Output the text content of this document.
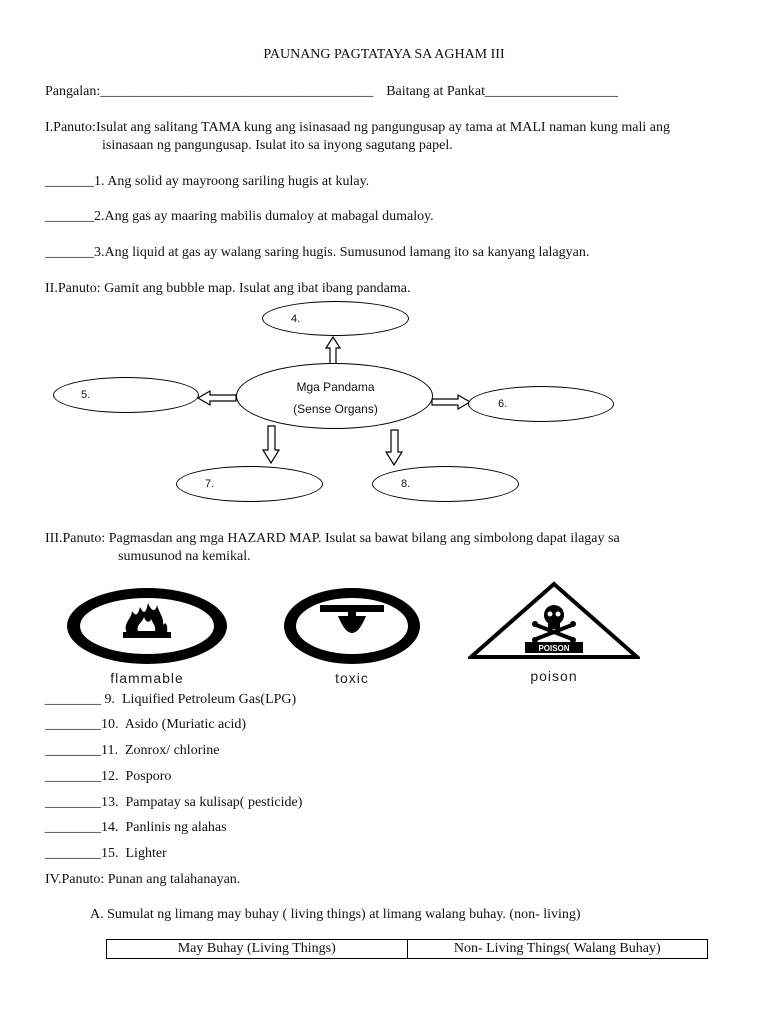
PAUNANG PAGTATAYA SA AGHAM III
Pangalan:_______________________________________ Baitang at Pankat___________________
I.Panuto:Isulat ang salitang TAMA kung ang isinasaad ng pangungusap ay tama at MALI naman kung mali ang
isinasaan ng pangungusap. Isulat ito sa inyong sagutang papel.
_______1. Ang solid ay mayroong sariling hugis at kulay.
_______2.Ang gas ay maaring mabilis dumaloy at mabagal dumaloy.
_______3.Ang liquid at gas ay walang saring hugis. Sumusunod lamang ito sa kanyang lalagyan.
II.Panuto: Gamit ang bubble map. Isulat ang ibat ibang pandama.
4.
5.
6.
7.	8.
Mga Pandama
(Sense Organs)
III.Panuto: Pagmasdan ang mga HAZARD MAP. Isulat sa bawat bilang ang simbolong dapat ilagay sa
sumusunod na kemikal.
POISON
flammable	toxic	poison
________ 9.  Liquified Petroleum Gas(LPG)
________10.  Asido (Muriatic acid)
________11.  Zonrox/ chlorine
________12.  Posporo
________13.  Pampatay sa kulisap( pesticide)
________14.  Panlinis ng alahas
________15.  Lighter
IV.Panuto: Punan ang talahanayan.
A. Sumulat ng limang may buhay ( living things) at limang walang buhay. (non- living)
May Buhay (Living Things)	Non- Living Things( Walang Buhay)
